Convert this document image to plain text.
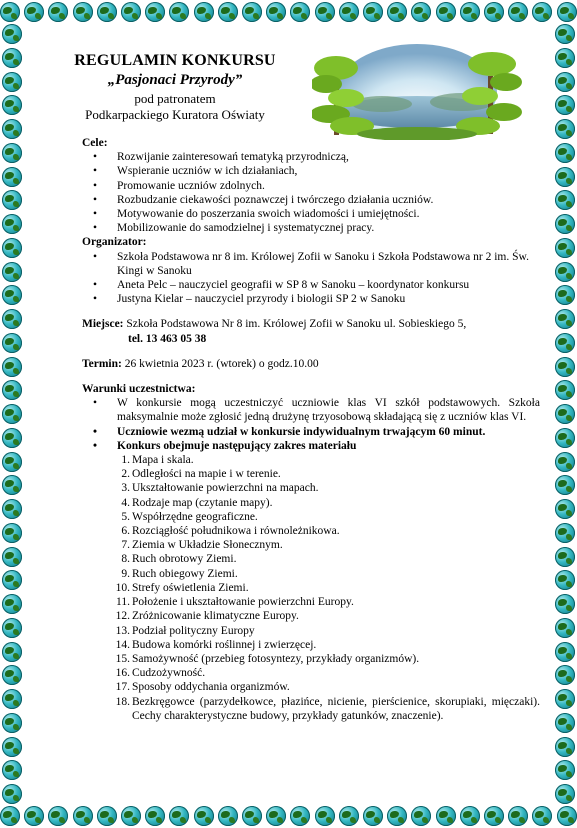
REGULAMIN KONKURSU
„Pasjonaci Przyrody”
pod patronatem
Podkarpackiego Kuratora Oświaty
Cele:
• Rozwijanie zainteresowań tematyką przyrodniczą,
• Wspieranie uczniów w ich działaniach,
• Promowanie uczniów zdolnych.
• Rozbudzanie ciekawości poznawczej i twórczego działania uczniów.
• Motywowanie do poszerzania swoich wiadomości i umiejętności.
• Mobilizowanie do samodzielnej i systematycznej pracy.
Organizator:
• Szkoła Podstawowa nr 8 im. Królowej Zofii w Sanoku i Szkoła Podstawowa nr 2 im. Św. Kingi w Sanoku
• Aneta Pelc – nauczyciel geografii w SP 8 w Sanoku – koordynator konkursu
• Justyna Kielar – nauczyciel przyrody i biologii SP 2 w Sanoku
Miejsce: Szkoła Podstawowa Nr 8 im. Królowej Zofii w Sanoku ul. Sobieskiego 5,
tel. 13 463 05 38
Termin: 26 kwietnia 2023 r. (wtorek) o godz.10.00
Warunki uczestnictwa:
• W konkursie mogą uczestniczyć uczniowie klas VI szkół podstawowych. Szkoła maksymalnie może zgłosić jedną drużynę trzyosobową składającą się z uczniów klas VI.
• Uczniowie wezmą udział w konkursie indywidualnym trwającym 60 minut.
• Konkurs obejmuje następujący zakres materiału
1. Mapa i skala.
2. Odległości na mapie i w terenie.
3. Ukształtowanie powierzchni na mapach.
4. Rodzaje map (czytanie mapy).
5. Współrzędne geograficzne.
6. Rozciągłość południkowa i równoleżnikowa.
7. Ziemia w Układzie Słonecznym.
8. Ruch obrotowy Ziemi.
9. Ruch obiegowy Ziemi.
10. Strefy oświetlenia Ziemi.
11. Położenie i ukształtowanie powierzchni Europy.
12. Zróżnicowanie klimatyczne Europy.
13. Podział polityczny Europy
14. Budowa komórki roślinnej i zwierzęcej.
15. Samożywność (przebieg fotosyntezy, przykłady organizmów).
16. Cudzożywność.
17. Sposoby oddychania organizmów.
18. Bezkręgowce (parzydełkowce, płazińce, nicienie, pierścienice, skorupiaki, mięczaki). Cechy charakterystyczne budowy, przykłady gatunków, znaczenie).
